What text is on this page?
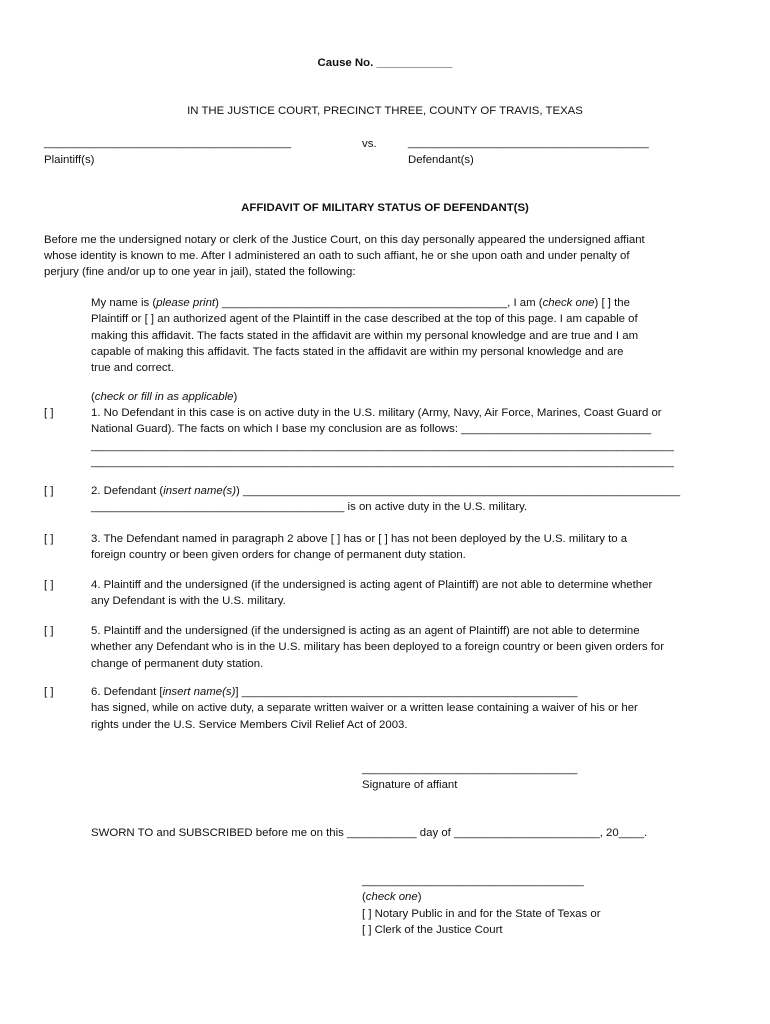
Cause No. ____________
IN THE JUSTICE COURT, PRECINCT THREE, COUNTY OF TRAVIS, TEXAS
_______________________________________	vs.	______________________________________
Plaintiff(s)	Defendant(s)
AFFIDAVIT OF MILITARY STATUS OF DEFENDANT(S)
Before me the undersigned notary or clerk of the Justice Court, on this day personally appeared the undersigned affiant
whose identity is known to me. After I administered an oath to such affiant, he or she upon oath and under penalty of
perjury (fine and/or up to one year in jail), stated the following:
My name is (please print) _____________________________________________, I am (check one) [ ] the
Plaintiff or [ ] an authorized agent of the Plaintiff in the case described at the top of this page. I am capable of
making this affidavit. The facts stated in the affidavit are within my personal knowledge and are true and I am
capable of making this affidavit. The facts stated in the affidavit are within my personal knowledge and are
true and correct.
(check or fill in as applicable)
[ ]	1. No Defendant in this case is on active duty in the U.S. military (Army, Navy, Air Force, Marines, Coast Guard or
National Guard). The facts on which I base my conclusion are as follows: ______________________________
____________________________________________________________________________________________
____________________________________________________________________________________________
[ ]	2. Defendant (insert name(s)) _____________________________________________________________________
________________________________________ is on active duty in the U.S. military.
[ ]	3. The Defendant named in paragraph 2 above [ ] has or [ ] has not been deployed by the U.S. military to a
foreign country or been given orders for change of permanent duty station.
[ ]	4. Plaintiff and the undersigned (if the undersigned is acting agent of Plaintiff) are not able to determine whether
any Defendant is with the U.S. military.
[ ]	5. Plaintiff and the undersigned (if the undersigned is acting as an agent of Plaintiff) are not able to determine
whether any Defendant who is in the U.S. military has been deployed to a foreign country or been given orders for
change of permanent duty station.
[ ]	6. Defendant [insert name(s)] _____________________________________________________
has signed, while on active duty, a separate written waiver or a written lease containing a waiver of his or her
rights under the U.S. Service Members Civil Relief Act of 2003.
__________________________________
Signature of affiant
SWORN TO and SUBSCRIBED before me on this ___________ day of _______________________, 20____.
___________________________________
(check one)
[ ] Notary Public in and for the State of Texas or
[ ] Clerk of the Justice Court
